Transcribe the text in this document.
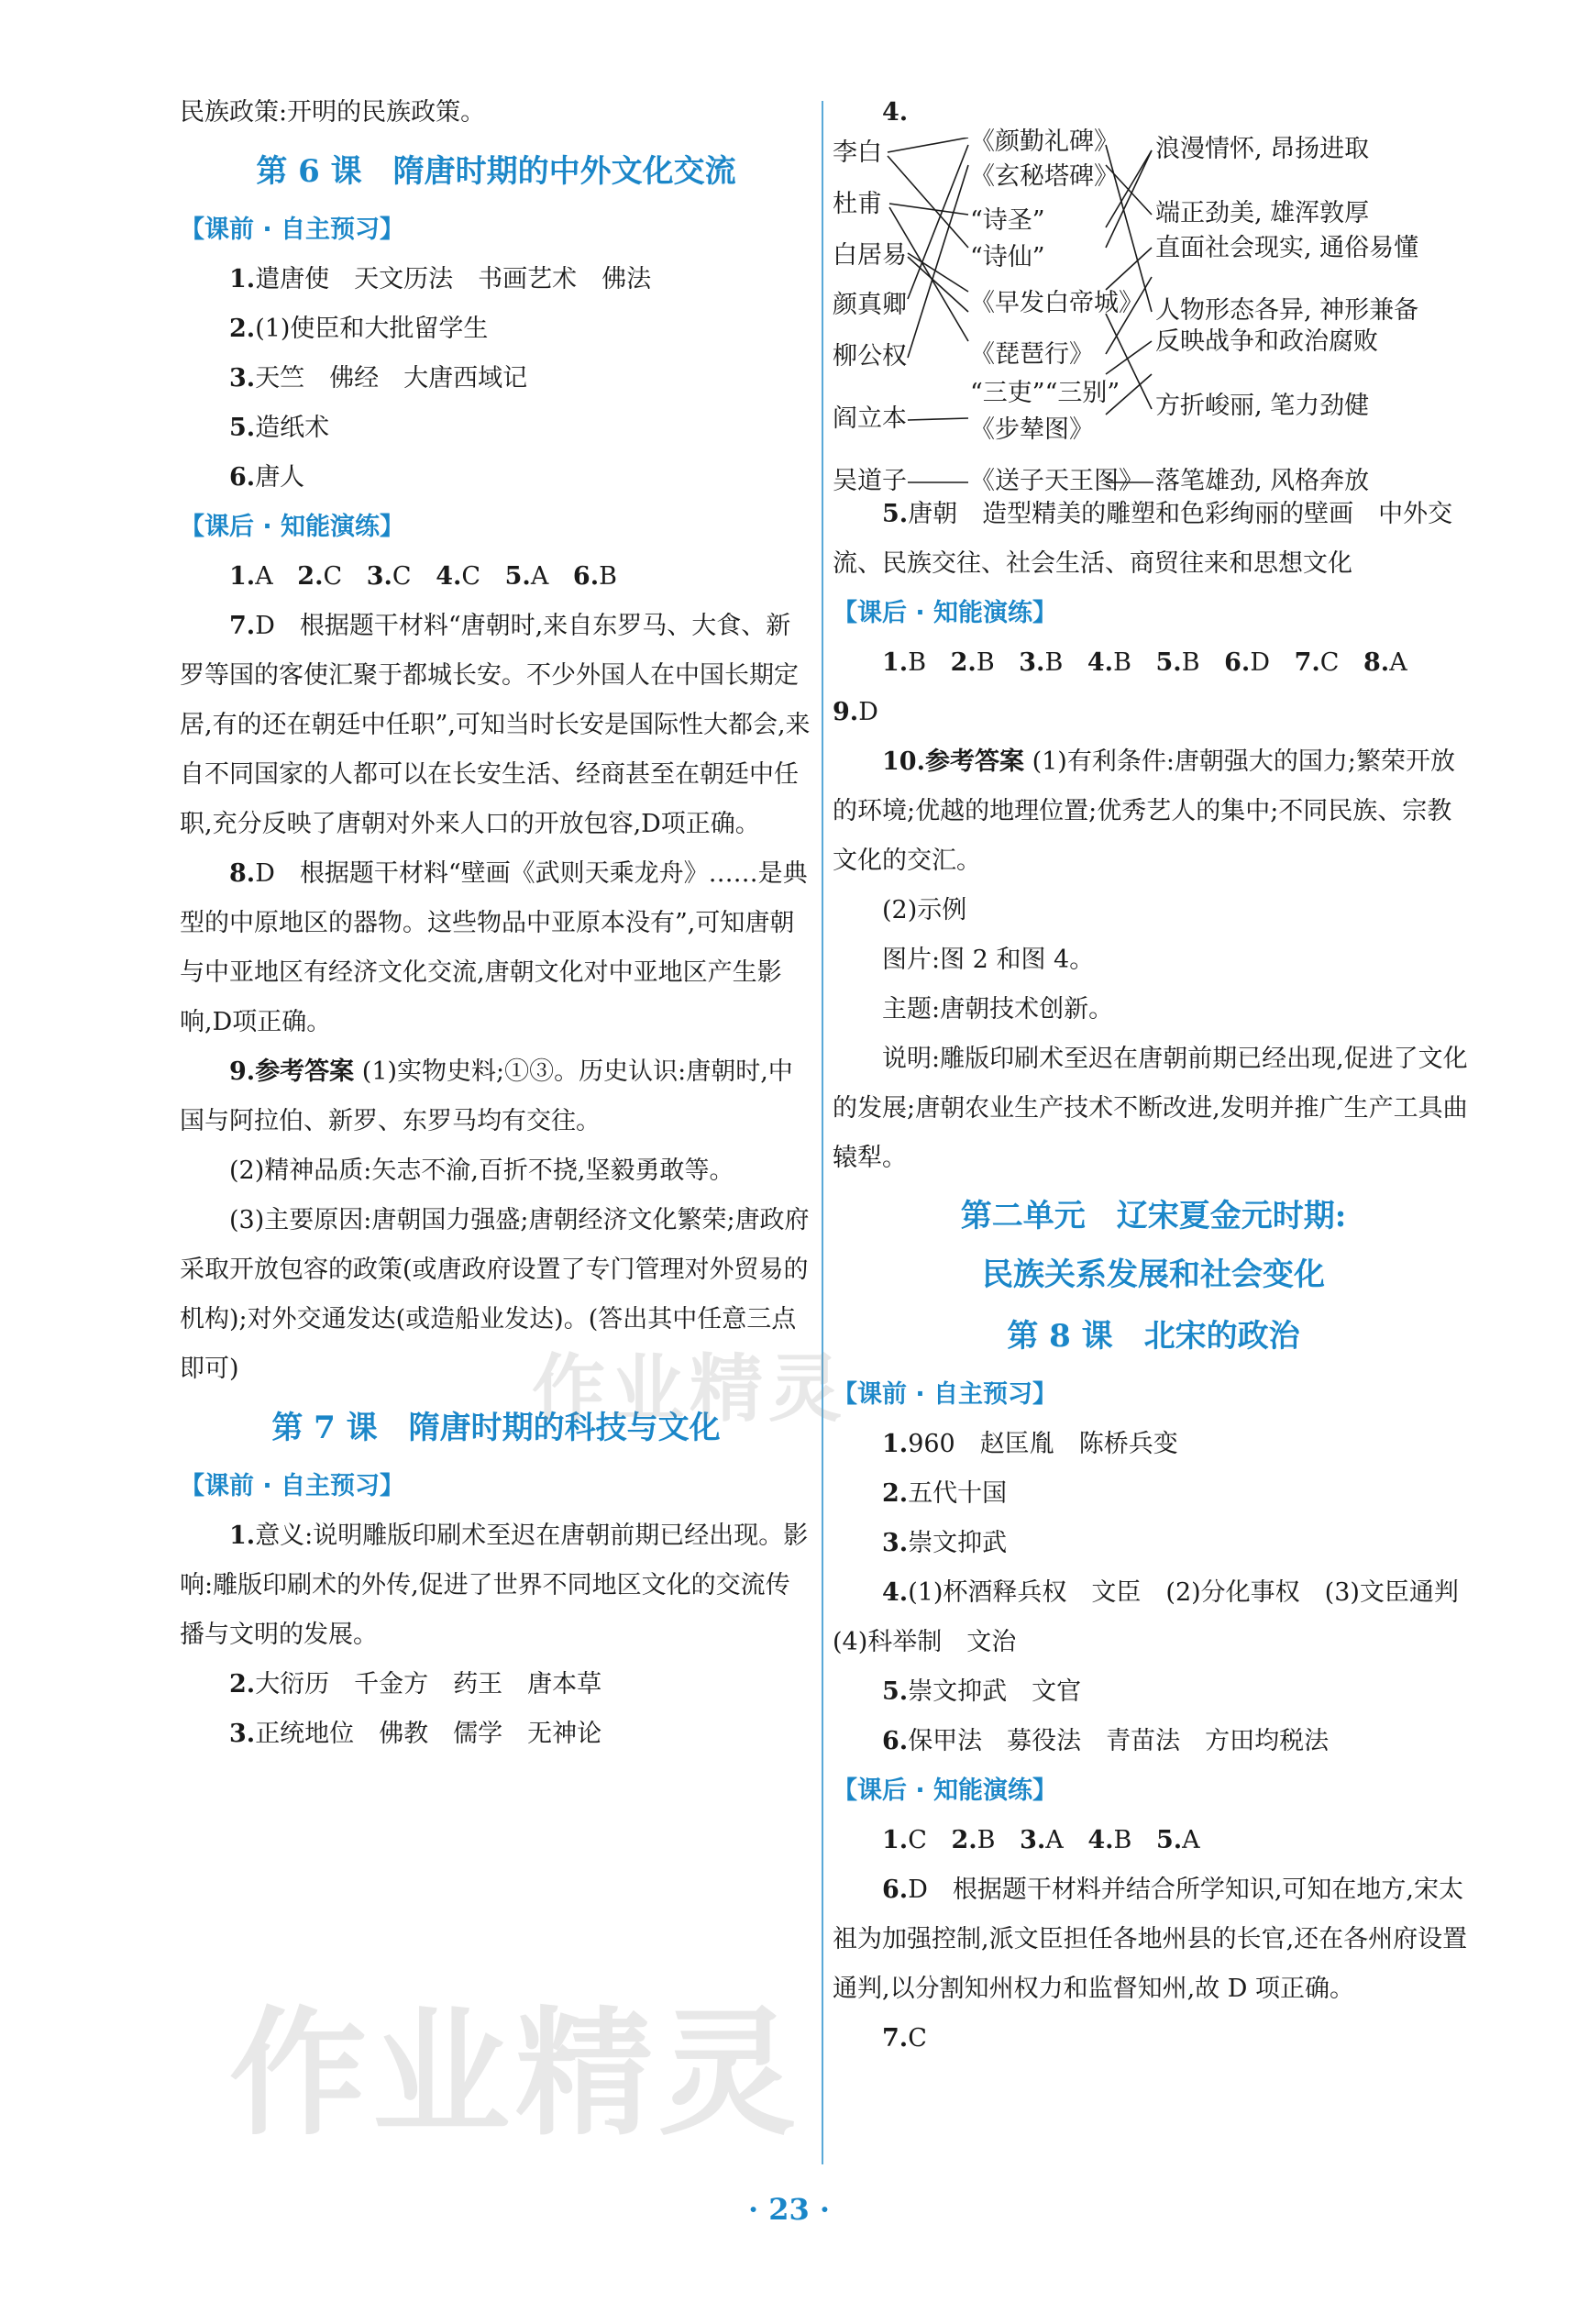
民族政策:开明的民族政策。

第 6 课　隋唐时期的中外文化交流
【课前 · 自主预习】

1.遣唐使　天文历法　书画艺术　佛法

2.(1)使臣和大批留学生

3.天竺　佛经　大唐西域记

5.造纸术

6.唐人

【课后 · 知能演练】

1.A 2.C 3.C 4.C 5.A 6.B

7.D　根据题干材料“唐朝时,来自东罗马、大食、新罗等国的客使汇聚于都城长安。不少外国人在中国长期定居,有的还在朝廷中任职”,可知当时长安是国际性大都会,来自不同国家的人都可以在长安生活、经商甚至在朝廷中任职,充分反映了唐朝对外来人口的开放包容,D项正确。

8.D　根据题干材料“壁画《武则天乘龙舟》……是典型的中原地区的器物。这些物品中亚原本没有”,可知唐朝与中亚地区有经济文化交流,唐朝文化对中亚地区产生影响,D项正确。

9.参考答案 (1)实物史料;①③。历史认识:唐朝时,中国与阿拉伯、新罗、东罗马均有交往。

(2)精神品质:矢志不渝,百折不挠,坚毅勇敢等。

(3)主要原因:唐朝国力强盛;唐朝经济文化繁荣;唐政府采取开放包容的政策(或唐政府设置了专门管理对外贸易的机构);对外交通发达(或造船业发达)。(答出其中任意三点即可)

第 7 课　隋唐时期的科技与文化
【课前 · 自主预习】

1.意义:说明雕版印刷术至迟在唐朝前期已经出现。影响:雕版印刷术的外传,促进了世界不同地区文化的交流传播与文明的发展。

2.大衍历　千金方　药王　唐本草

3.正统地位　佛教　儒学　无神论

4.

李白
杜甫
白居易
颜真卿
柳公权
阎立本
吴道子
《颜勤礼碑》
《玄秘塔碑》
“诗圣”
“诗仙”
《早发白帝城》
《琵琶行》
“三吏”“三别”
《步辇图》
《送子天王图》
浪漫情怀, 昂扬进取
端正劲美, 雄浑敦厚
直面社会现实, 通俗易懂
人物形态各异, 神形兼备
反映战争和政治腐败
方折峻丽, 笔力劲健
落笔雄劲, 风格奔放

5.唐朝　造型精美的雕塑和色彩绚丽的壁画　中外交流、民族交往、社会生活、商贸往来和思想文化

【课后 · 知能演练】

1.B 2.B 3.B 4.B 5.B 6.D 7.C 8.A

9.D

10.参考答案 (1)有利条件:唐朝强大的国力;繁荣开放的环境;优越的地理位置;优秀艺人的集中;不同民族、宗教文化的交汇。

(2)示例

图片:图 2 和图 4。

主题:唐朝技术创新。

说明:雕版印刷术至迟在唐朝前期已经出现,促进了文化的发展;唐朝农业生产技术不断改进,发明并推广生产工具曲辕犁。

第二单元　辽宋夏金元时期:
民族关系发展和社会变化
第 8 课　北宋的政治
【课前 · 自主预习】

1.960　赵匡胤　陈桥兵变

2.五代十国

3.崇文抑武

4.(1)杯酒释兵权　文臣　(2)分化事权　(3)文臣通判　(4)科举制　文治

5.崇文抑武　文官

6.保甲法　募役法　青苗法　方田均税法

【课后 · 知能演练】

1.C 2.B 3.A 4.B 5.A

6.D　根据题干材料并结合所学知识,可知在地方,宋太祖为加强控制,派文臣担任各地州县的长官,还在各州府设置通判,以分割知州权力和监督知州,故 D 项正确。

7.C

作业精灵
作业精灵
· 23 ·
